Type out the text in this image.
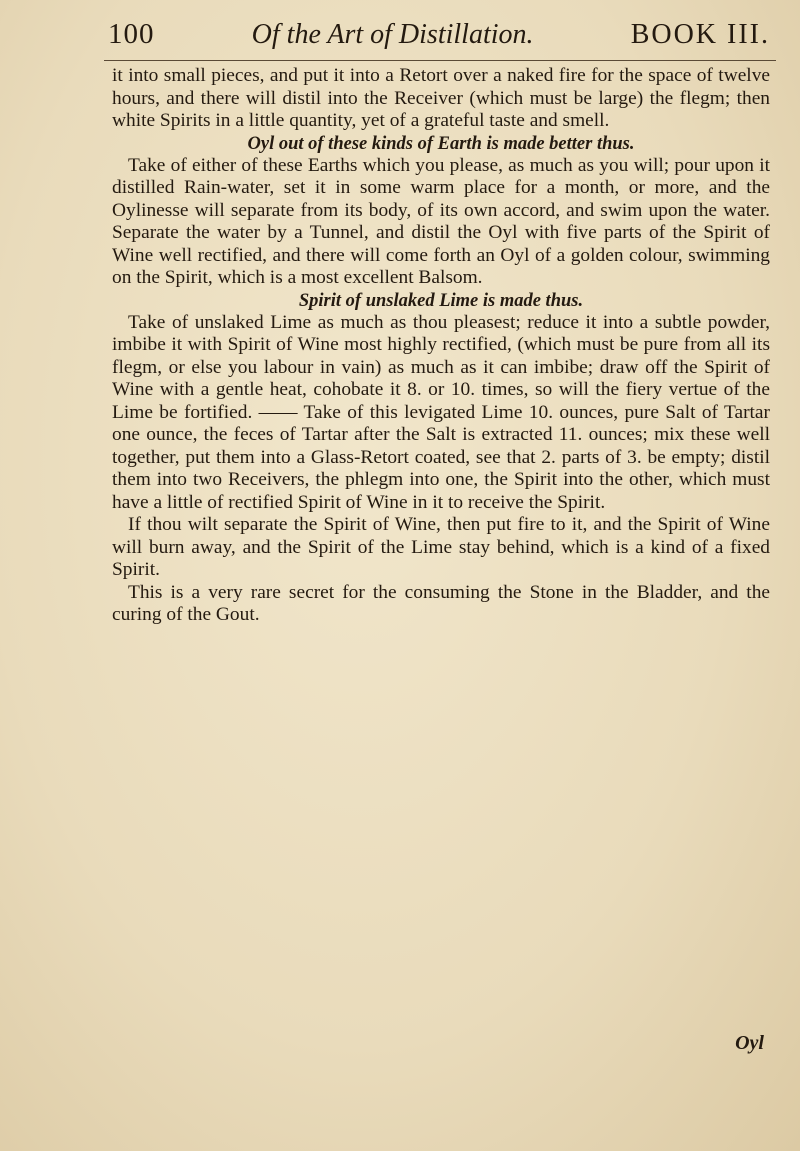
100	Of the Art of Distillation.	BOOK III.

it into small pieces, and put it into a Retort over a naked fire for the space of twelve hours, and there will distil into the Receiver (which must be large) the flegm; then white Spirits in a little quantity, yet of a grateful taste and smell.

Oyl out of these kinds of Earth is made better thus.

Take of either of these Earths which you please, as much as you will; pour upon it distilled Rain-water, set it in some warm place for a month, or more, and the Oylinesse will separate from its body, of its own accord, and swim upon the water. Separate the water by a Tunnel, and distil the Oyl with five parts of the Spirit of Wine well rectified, and there will come forth an Oyl of a golden colour, swimming on the Spirit, which is a most excellent Balsom.

Spirit of unslaked Lime is made thus.

Take of unslaked Lime as much as thou pleasest; reduce it into a subtle powder, imbibe it with Spirit of Wine most highly rectified, (which must be pure from all its flegm, or else you labour in vain) as much as it can imbibe; draw off the Spirit of Wine with a gentle heat, cohobate it 8. or 10. times, so will the fiery vertue of the Lime be fortified. —— Take of this levigated Lime 10. ounces, pure Salt of Tartar one ounce, the feces of Tartar after the Salt is extracted 11. ounces; mix these well together, put them into a Glass-Retort coated, see that 2. parts of 3. be empty; distil them into two Receivers, the phlegm into one, the Spirit into the other, which must have a little of rectified Spirit of Wine in it to receive the Spirit.

If thou wilt separate the Spirit of Wine, then put fire to it, and the Spirit of Wine will burn away, and the Spirit of the Lime stay behind, which is a kind of a fixed Spirit.

This is a very rare secret for the consuming the Stone in the Bladder, and the curing of the Gout.

Oyl
